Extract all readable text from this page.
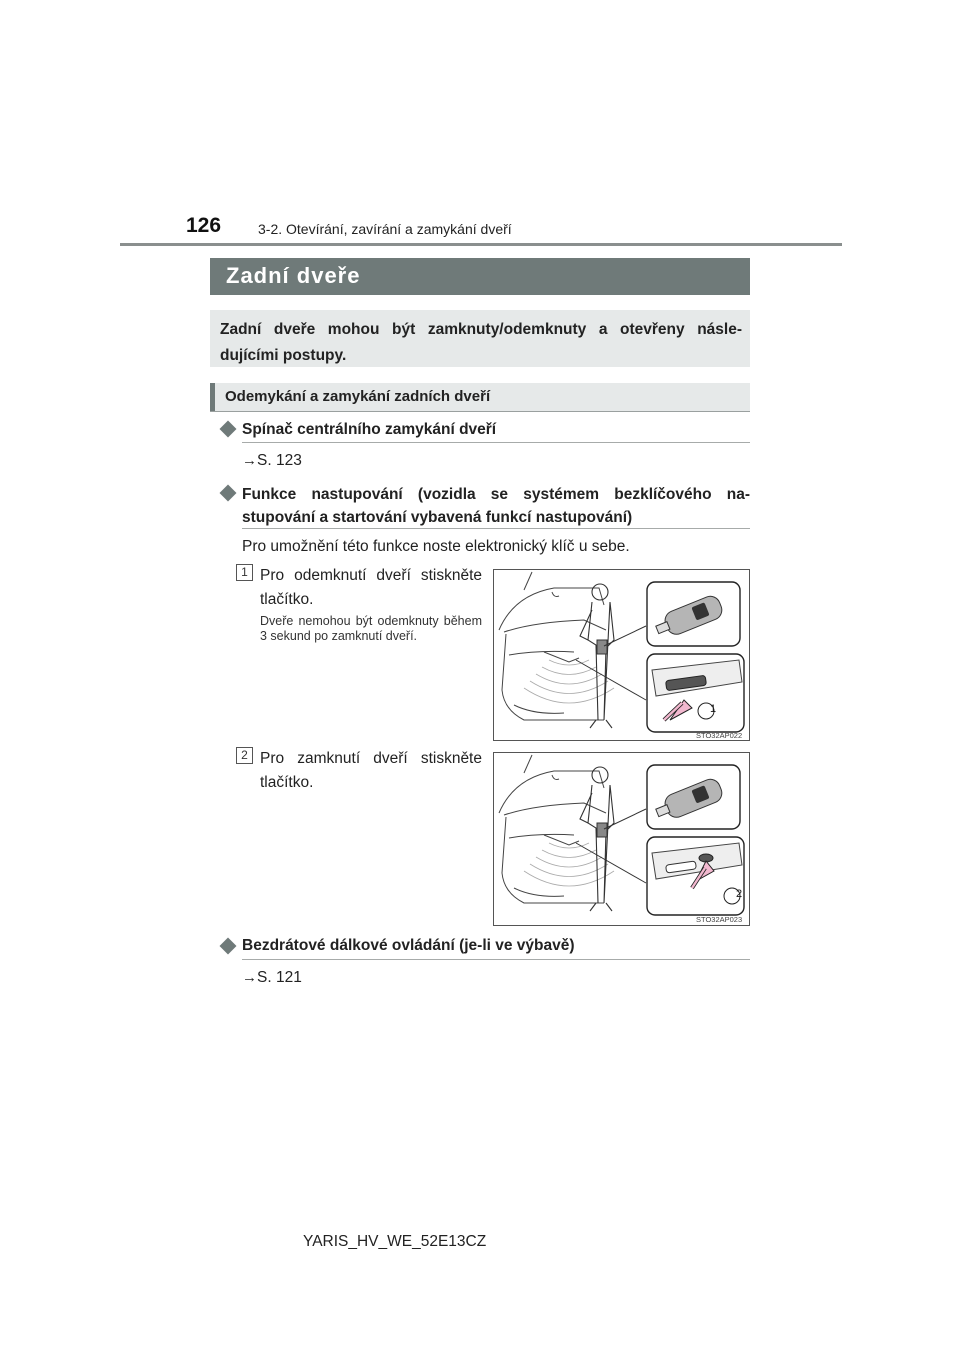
126	3-2. Otevírání, zavírání a zamykání dveří
Zadní dveře
Zadní dveře mohou být zamknuty/odemknuty a otevřeny násle-dujícími postupy.
Odemykání a zamykání zadních dveří
Spínač centrálního zamykání dveří
→S. 123
Funkce nastupování (vozidla se systémem bezklíčového na-stupování a startování vybavená funkcí nastupování)
Pro umožnění této funkce noste elektronický klíč u sebe.
1 Pro odemknutí dveří stiskněte tlačítko.
Dveře nemohou být odemknuty během 3 sekund po zamknutí dveří.
1
STO32AP022
2 Pro zamknutí dveří stiskněte tlačítko.
2
STO32AP023
Bezdrátové dálkové ovládání (je-li ve výbavě)
→S. 121
YARIS_HV_WE_52E13CZ
